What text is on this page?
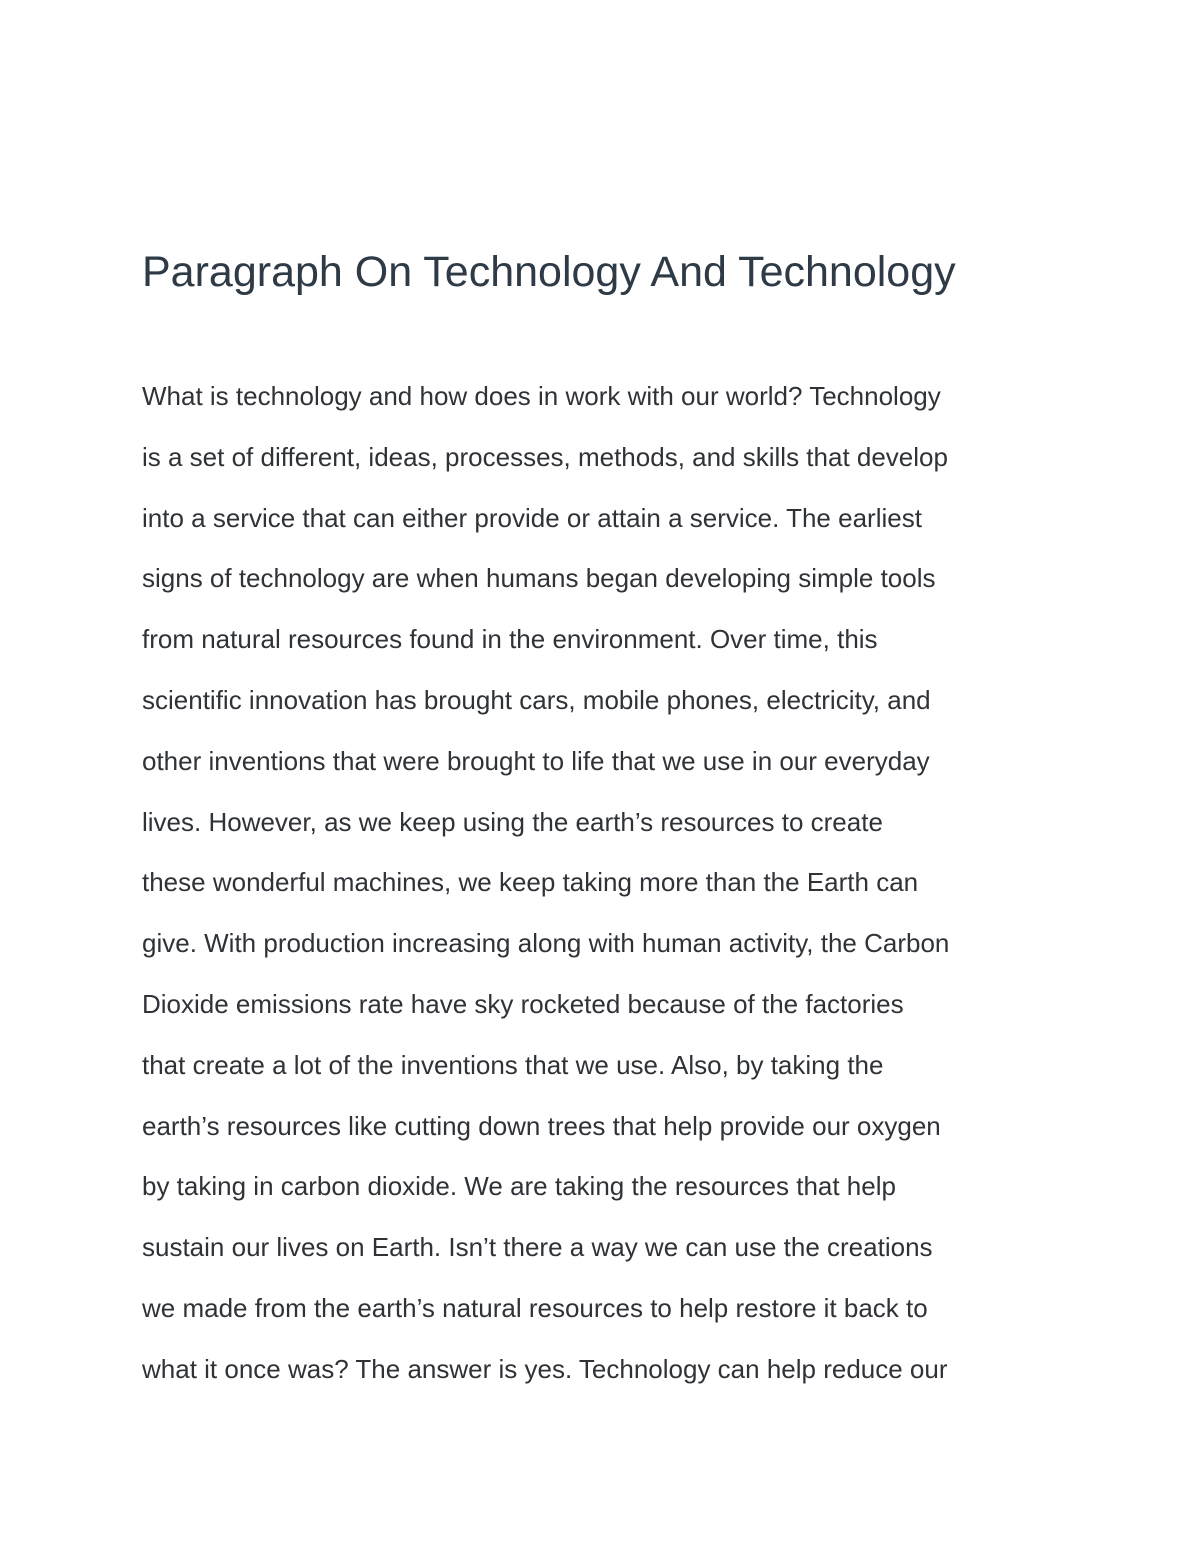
Paragraph On Technology And Technology
What is technology and how does in work with our world? Technology
is a set of different, ideas, processes, methods, and skills that develop
into a service that can either provide or attain a service. The earliest
signs of technology are when humans began developing simple tools
from natural resources found in the environment. Over time, this
scientific innovation has brought cars, mobile phones, electricity, and
other inventions that were brought to life that we use in our everyday
lives. However, as we keep using the earth’s resources to create
these wonderful machines, we keep taking more than the Earth can
give. With production increasing along with human activity, the Carbon
Dioxide emissions rate have sky rocketed because of the factories
that create a lot of the inventions that we use. Also, by taking the
earth’s resources like cutting down trees that help provide our oxygen
by taking in carbon dioxide. We are taking the resources that help
sustain our lives on Earth. Isn’t there a way we can use the creations
we made from the earth’s natural resources to help restore it back to
what it once was? The answer is yes. Technology can help reduce our
